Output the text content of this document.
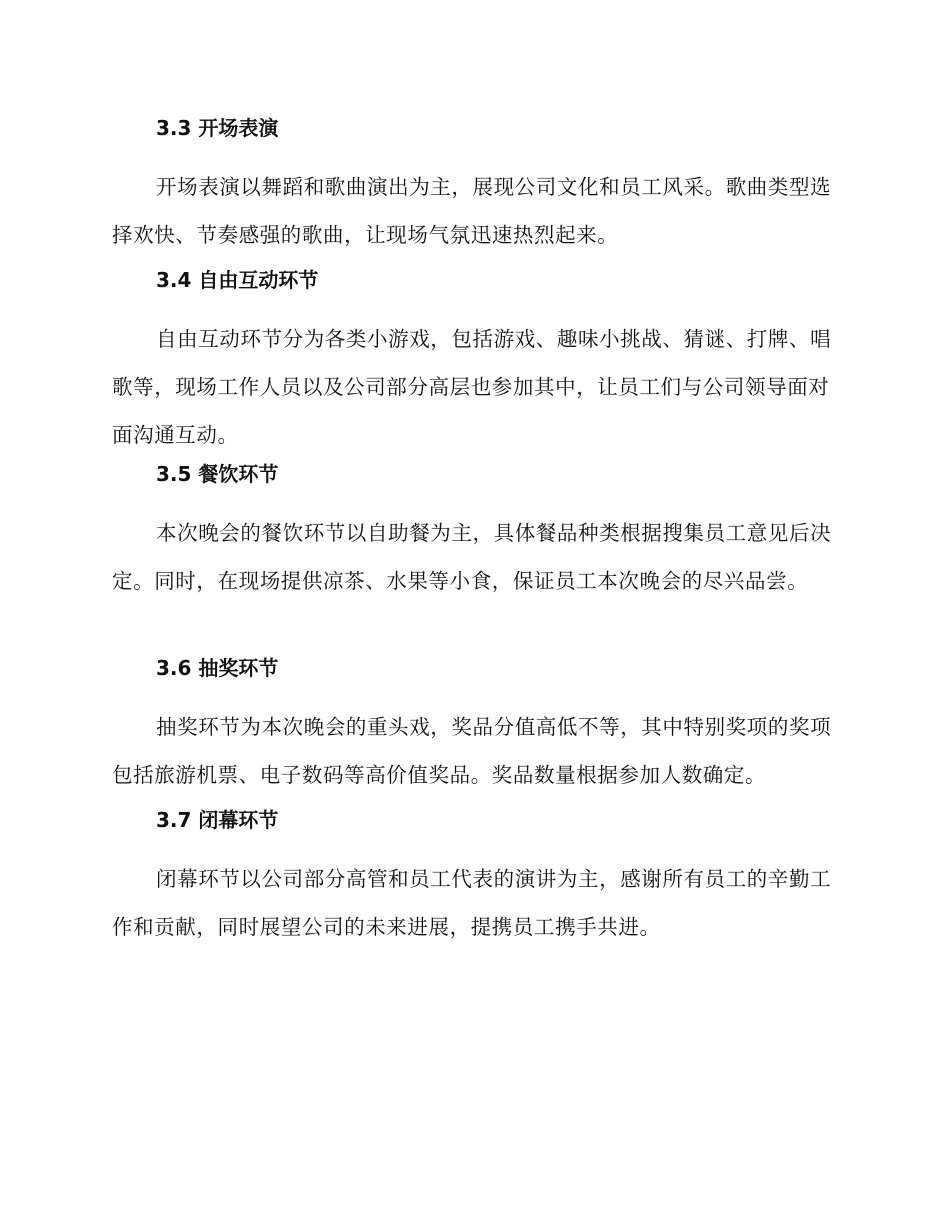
3.3 开场表演

开场表演以舞蹈和歌曲演出为主，展现公司文化和员工风采。歌曲类型选择欢快、节奏感强的歌曲，让现场气氛迅速热烈起来。

3.4 自由互动环节

自由互动环节分为各类小游戏，包括游戏、趣味小挑战、猜谜、打牌、唱歌等，现场工作人员以及公司部分高层也参加其中，让员工们与公司领导面对面沟通互动。

3.5 餐饮环节

本次晚会的餐饮环节以自助餐为主，具体餐品种类根据搜集员工意见后决定。同时，在现场提供凉茶、水果等小食，保证员工本次晚会的尽兴品尝。

3.6 抽奖环节

抽奖环节为本次晚会的重头戏，奖品分值高低不等，其中特别奖项的奖项包括旅游机票、电子数码等高价值奖品。奖品数量根据参加人数确定。

3.7 闭幕环节

闭幕环节以公司部分高管和员工代表的演讲为主，感谢所有员工的辛勤工作和贡献，同时展望公司的未来进展，提携员工携手共进。
